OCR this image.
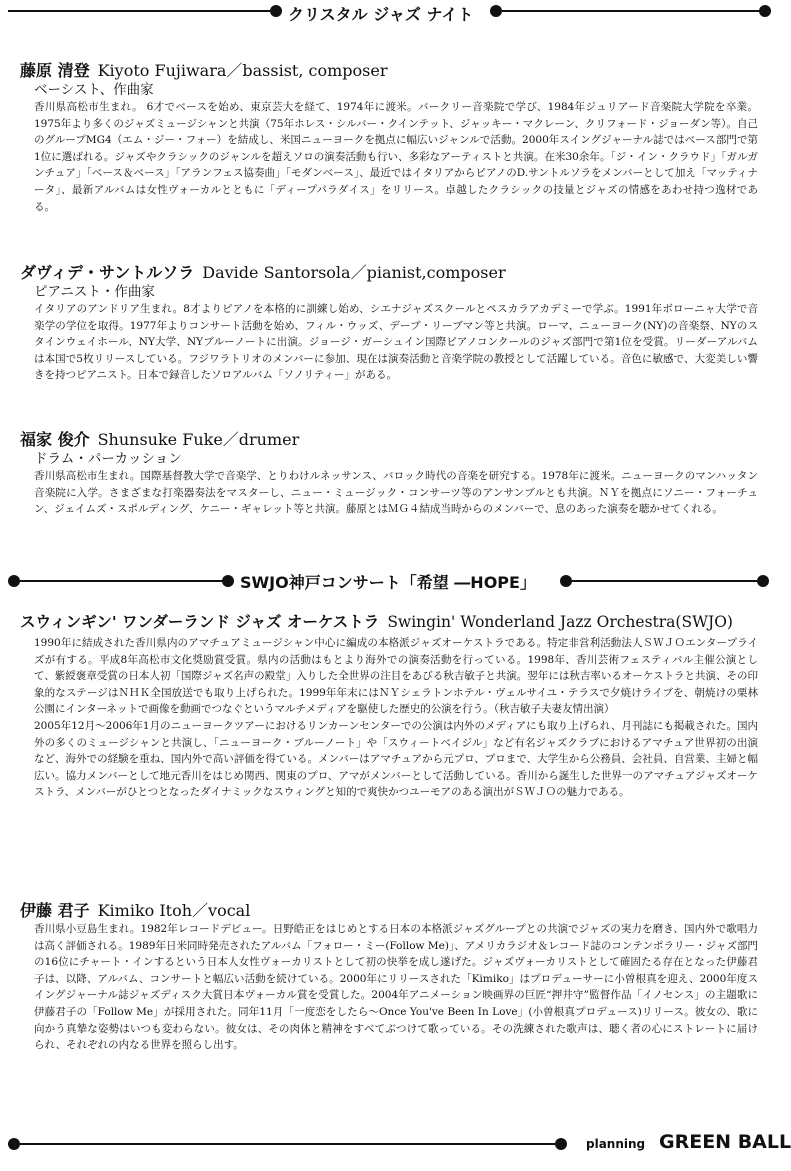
クリスタル ジャズ ナイト
藤原 清登 Kiyoto Fujiwara／bassist, composer
ベーシスト、作曲家
香川県高松市生まれ。 6才でベースを始め、東京芸大を経て、1974年に渡米。バークリー音楽院で学び、1984年ジュリアード音楽院大学院を卒業。1975年より多くのジャズミュージシャンと共演（75年ホレス・シルバー・クインテット、ジャッキー・マクレーン、クリフォード・ジョーダン等）。自己のグループMG4（エム・ジー・フォー）を結成し、米国ニューヨークを拠点に幅広いジャンルで活動。2000年スイングジャーナル誌ではベース部門で第1位に選ばれる。ジャズやクラシックのジャンルを超えソロの演奏活動も行い、多彩なアーティストと共演。在米30余年。「ジ・イン・クラウド」「ガルガンチュア」「ベース＆ベース」「アランフェス協奏曲」「モダンベース」、最近ではイタリアからピアノのD.サントルソラをメンバーとして加え「マッティナータ」、最新アルバムは女性ヴォーカルとともに「ディープパラダイス」をリリース。卓越したクラシックの技量とジャズの情感をあわせ持つ逸材である。
ダヴィデ・サントルソラ Davide Santorsola／pianist,composer
ピアニスト・作曲家
イタリアのアンドリア生まれ。8才よりピアノを本格的に訓練し始め、シエナジャズスクールとペスカラアカデミーで学ぶ。1991年ボローニャ大学で音楽学の学位を取得。1977年よりコンサート活動を始め、フィル・ウッズ、デーブ・リーブマン等と共演。ローマ、ニューヨーク(NY)の音楽祭、NYのスタインウェイホール、NY大学、NYブルーノートに出演。ジョージ・ガーシュイン国際ピアノコンクールのジャズ部門で第1位を受賞。リーダーアルバムは本国で5枚リリースしている。フジワラトリオのメンバーに参加、現在は演奏活動と音楽学院の教授として活躍している。音色に敏感で、大変美しい響きを持つピアニスト。日本で録音したソロアルバム「ソノリティー」がある。
福家 俊介 Shunsuke Fuke／drumer
ドラム・パーカッション
香川県高松市生まれ。国際基督教大学で音楽学、とりわけルネッサンス、バロック時代の音楽を研究する。1978年に渡米。ニューヨークのマンハッタン音楽院に入学。さまざまな打楽器奏法をマスターし、ニュー・ミュージック・コンサーツ等のアンサンブルとも共演。ＮＹを拠点にソニー・フォーチュン、ジェイムズ・スポルディング、ケニー・ギャレット等と共演。藤原とはＭＧ４結成当時からのメンバーで、息のあった演奏を聴かせてくれる。
SWJO神戸コンサート「希望 ―HOPE」
スウィンギン' ワンダーランド ジャズ オーケストラ Swingin' Wonderland Jazz Orchestra(SWJO)

1990年に結成された香川県内のアマチュアミュージシャン中心に編成の本格派ジャズオーケストラである。特定非営利活動法人ＳＷＪＯエンタープライズが有する。平成8年高松市文化奨励賞受賞。県内の活動はもとより海外での演奏活動を行っている。1998年、香川芸術フェスティバル主催公演として、紫綬褒章受賞の日本人初「国際ジャズ名声の殿堂」入りした全世界の注目をあびる秋吉敏子と共演。翌年には秋吉率いるオーケストラと共演、その印象的なステージはＮＨＫ全国放送でも取り上げられた。1999年年末にはＮＹシェラトンホテル・ヴェルサイユ・テラスで夕焼けライブを、朝焼けの栗林公園にインターネットで画像を動画でつなぐというマルチメディアを駆使した歴史的公演を行う。（秋吉敏子夫妻友情出演）

2005年12月～2006年1月のニューヨークツアーにおけるリンカーンセンターでの公演は内外のメディアにも取り上げられ、月刊誌にも掲載された。国内外の多くのミュージシャンと共演し、「ニューヨーク・ブルーノート」や「スウィートベイジル」など有名ジャズクラブにおけるアマチュア世界初の出演など、海外での経験を重ね、国内外で高い評価を得ている。メンバーはアマチュアから元プロ、プロまで、大学生から公務員、会社員、自営業、主婦と幅広い。協力メンバーとして地元香川をはじめ関西、関東のプロ、アマがメンバーとして活動している。香川から誕生した世界一のアマチュアジャズオーケストラ、メンバーがひとつとなったダイナミックなスウィングと知的で爽快かつユーモアのある演出がＳＷＪＯの魅力である。

伊藤 君子 Kimiko Itoh／vocal
香川県小豆島生まれ。1982年レコードデビュー。日野皓正をはじめとする日本の本格派ジャズグループとの共演でジャズの実力を磨き、国内外で歌唱力は高く評価される。1989年日米同時発売されたアルバム「フォロー・ミー(Follow Me)」、アメリカラジオ＆レコード誌のコンテンポラリー・ジャズ部門の16位にチャート・インするという日本人女性ヴォーカリストとして初の快挙を成し遂げた。ジャズヴォーカリストとして確固たる存在となった伊藤君子は、以降、アルバム、コンサートと幅広い活動を続けている。2000年にリリースされた「Kimiko」はプロデューサーに小曽根真を迎え、2000年度スイングジャーナル誌ジャズディスク大賞日本ヴォーカル賞を受賞した。2004年アニメーション映画界の巨匠“押井守”監督作品「イノセンス」の主題歌に伊藤君子の「Follow Me」が採用された。同年11月「一度恋をしたら～Once You've Been In Love」(小曽根真プロデュース)リリース。彼女の、歌に向かう真摯な姿勢はいつも変わらない。彼女は、その肉体と精神をすべてぶつけて歌っている。その洗練された歌声は、聴く者の心にストレートに届けられ、それぞれの内なる世界を照らし出す。
planning GREEN BALL
